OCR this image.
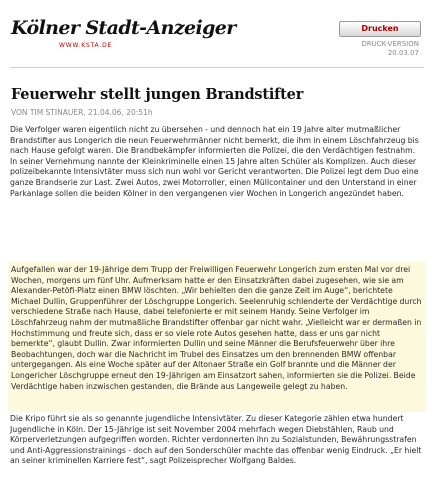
Kölner Stadt-Anzeiger
WWW.KSTA.DE
Drucken
DRUCK-VERSION
20.03.07
Feuerwehr stellt jungen Brandstifter
VON TIM STINAUER, 21.04.06, 20:51h
Die Verfolger waren eigentlich nicht zu übersehen - und dennoch hat ein 19 Jahre alter mutmaßlicher Brandstifter aus Longerich die neun Feuerwehrmänner nicht bemerkt, die ihm in einem Löschfahrzeug bis nach Hause gefolgt waren. Die Brandbekämpfer informierten die Polizei, die den Verdächtigen festnahm. In seiner Vernehmung nannte der Kleinkriminelle einen 15 Jahre alten Schüler als Komplizen. Auch dieser polizeibekannte Intensivtäter muss sich nun wohl vor Gericht verantworten. Die Polizei legt dem Duo eine ganze Brandserie zur Last. Zwei Autos, zwei Motorroller, einen Müllcontainer und den Unterstand in einer Parkanlage sollen die beiden Kölner in den vergangenen vier Wochen in Longerich angezündet haben.
Aufgefallen war der 19-Jährige dem Trupp der Freiwilligen Feuerwehr Longerich zum ersten Mal vor drei Wochen, morgens um fünf Uhr. Aufmerksam hatte er den Einsatzkräften dabei zugesehen, wie sie am Alexander-Petöfi-Platz einen BMW löschten. „Wir behielten den die ganze Zeit im Auge“, berichtete Michael Dullin, Gruppenführer der Löschgruppe Longerich. Seelenruhig schlenderte der Verdächtige durch verschiedene Straße nach Hause, dabei telefonierte er mit seinem Handy. Seine Verfolger im Löschfahrzeug nahm der mutmaßliche Brandstifter offenbar gar nicht wahr. „Vielleicht war er dermaßen in Hochstimmung und freute sich, dass er so viele rote Autos gesehen hatte, dass er uns gar nicht bemerkte“, glaubt Dullin. Zwar informierten Dullin und seine Männer die Berufsfeuerwehr über ihre Beobachtungen, doch war die Nachricht im Trubel des Einsatzes um den brennenden BMW offenbar untergegangen. Als eine Woche später auf der Altonaer Straße ein Golf brannte und die Männer der Longericher Löschgruppe erneut den 19-Jährigen am Einsatzort sahen, informierten sie die Polizei. Beide Verdächtige haben inzwischen gestanden, die Brände aus Langeweile gelegt zu haben.
Die Kripo führt sie als so genannte jugendliche Intensivtäter. Zu dieser Kategorie zählen etwa hundert Jugendliche in Köln. Der 15-Jährige ist seit November 2004 mehrfach wegen Diebstählen, Raub und Körperverletzungen aufgegriffen worden. Richter verdonnerten ihn zu Sozialstunden, Bewährungsstrafen und Anti-Aggressionstrainings - doch auf den Sonderschüler machte das offenbar wenig Eindruck. „Er hielt an seiner kriminellen Karriere fest“, sagt Polizeisprecher Wolfgang Baldes.
